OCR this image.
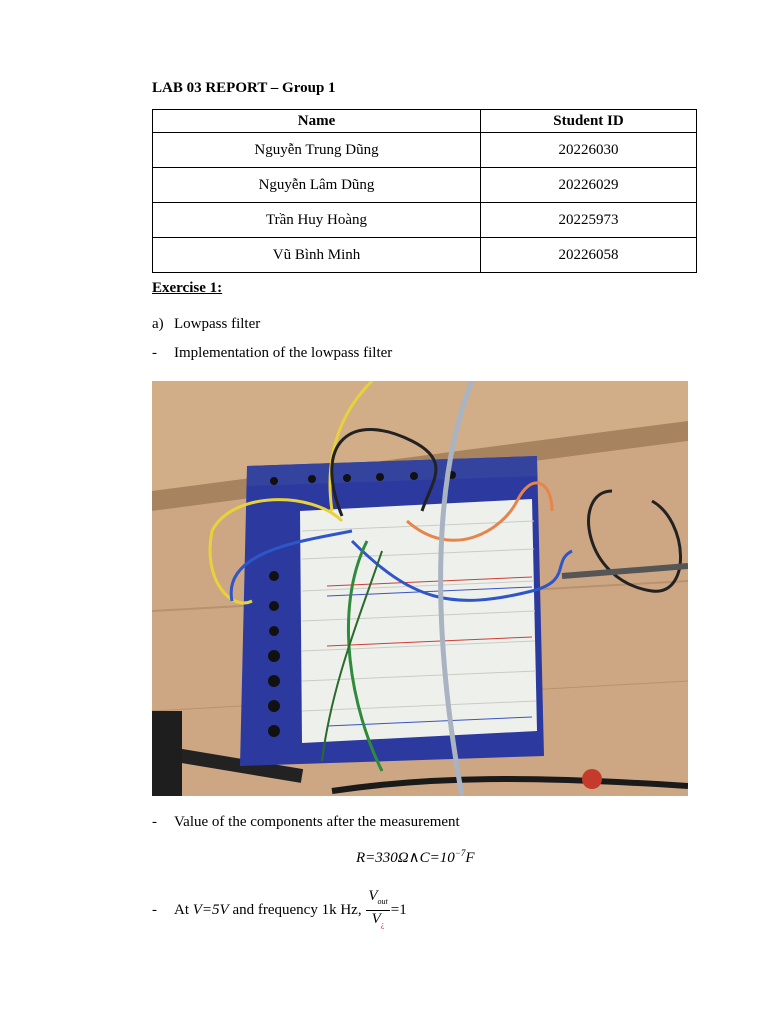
LAB 03 REPORT – Group 1
Name	Student ID
Nguyễn Trung Dũng	20226030
Nguyễn Lâm Dũng	20226029
Trần Huy Hoàng	20225973
Vũ Bình Minh	20226058
Exercise 1:
a) Lowpass filter
- Implementation of the lowpass filter
- Value of the components after the measurement
$R=330\Omega\wedge C=10^{-7}F$
- At V=5V and frequency 1k Hz, $\frac{V_{out}}{V_¿} =1$
